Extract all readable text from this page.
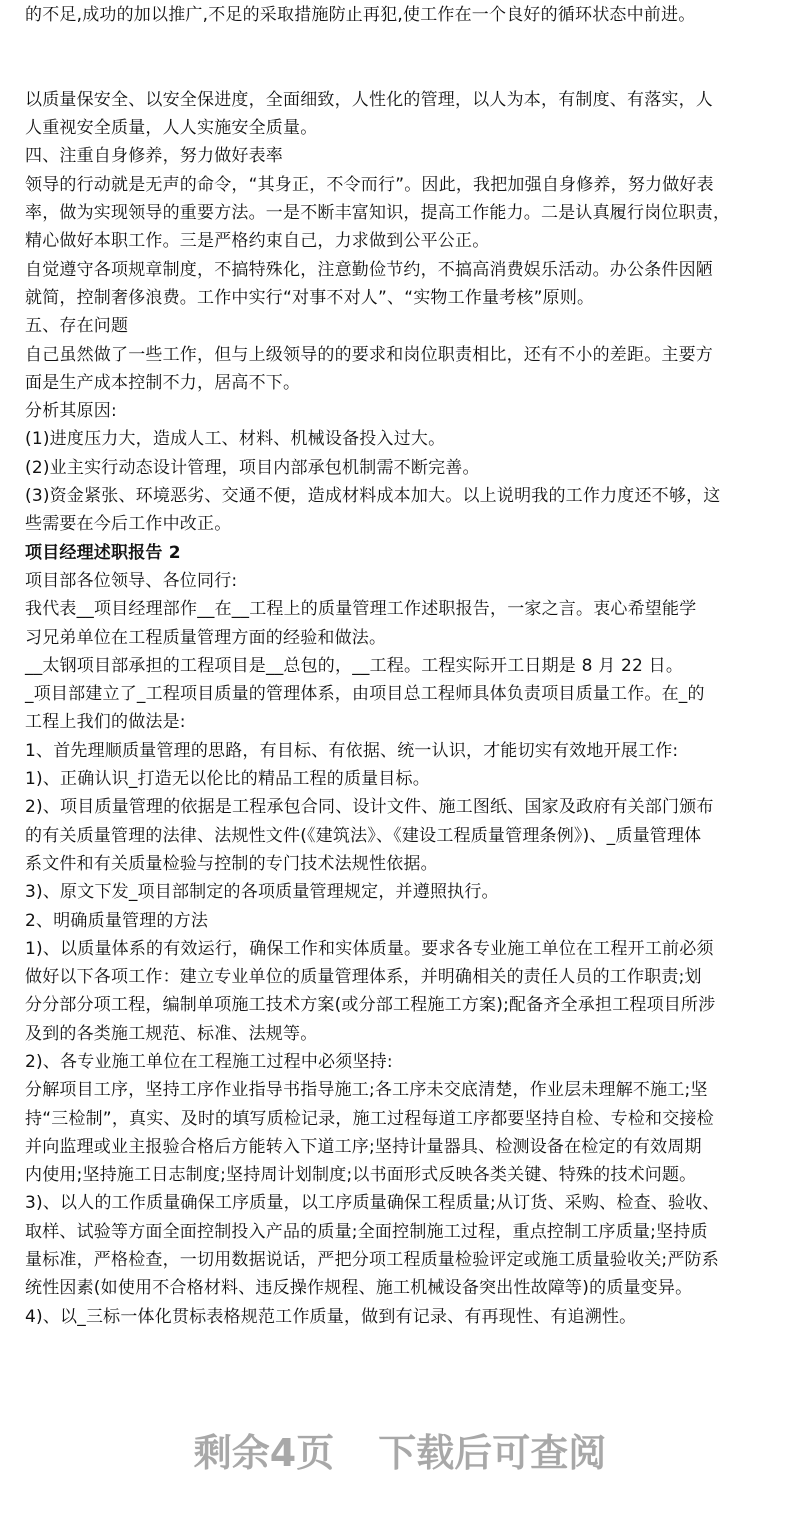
的不足,成功的加以推广,不足的采取措施防止再犯,使工作在一个良好的循环状态中前进。
以质量保安全、以安全保进度，全面细致，人性化的管理，以人为本，有制度、有落实，人
人重视安全质量，人人实施安全质量。
四、注重自身修养，努力做好表率
领导的行动就是无声的命令，“其身正，不令而行”。因此，我把加强自身修养，努力做好表
率，做为实现领导的重要方法。一是不断丰富知识，提高工作能力。二是认真履行岗位职责，
精心做好本职工作。三是严格约束自己，力求做到公平公正。
自觉遵守各项规章制度，不搞特殊化，注意勤俭节约，不搞高消费娱乐活动。办公条件因陋
就简，控制奢侈浪费。工作中实行“对事不对人”、“实物工作量考核”原则。
五、存在问题
自己虽然做了一些工作，但与上级领导的的要求和岗位职责相比，还有不小的差距。主要方
面是生产成本控制不力，居高不下。
分析其原因:
(1)进度压力大，造成人工、材料、机械设备投入过大。
(2)业主实行动态设计管理，项目内部承包机制需不断完善。
(3)资金紧张、环境恶劣、交通不便，造成材料成本加大。以上说明我的工作力度还不够，这
些需要在今后工作中改正。
项目经理述职报告 2
项目部各位领导、各位同行:
我代表__项目经理部作__在__工程上的质量管理工作述职报告，一家之言。衷心希望能学
习兄弟单位在工程质量管理方面的经验和做法。
__太钢项目部承担的工程项目是__总包的，__工程。工程实际开工日期是 8 月 22 日。
_项目部建立了_工程项目质量的管理体系，由项目总工程师具体负责项目质量工作。在_的
工程上我们的做法是:
1、首先理顺质量管理的思路，有目标、有依据、统一认识，才能切实有效地开展工作:
1)、正确认识_打造无以伦比的精品工程的质量目标。
2)、项目质量管理的依据是工程承包合同、设计文件、施工图纸、国家及政府有关部门颁布
的有关质量管理的法律、法规性文件(《建筑法》、《建设工程质量管理条例》)、_质量管理体
系文件和有关质量检验与控制的专门技术法规性依据。
3)、原文下发_项目部制定的各项质量管理规定，并遵照执行。
2、明确质量管理的方法
1)、以质量体系的有效运行，确保工作和实体质量。要求各专业施工单位在工程开工前必须
做好以下各项工作：建立专业单位的质量管理体系，并明确相关的责任人员的工作职责;划
分分部分项工程，编制单项施工技术方案(或分部工程施工方案);配备齐全承担工程项目所涉
及到的各类施工规范、标准、法规等。
2)、各专业施工单位在工程施工过程中必须坚持:
分解项目工序，坚持工序作业指导书指导施工;各工序未交底清楚，作业层未理解不施工;坚
持“三检制”，真实、及时的填写质检记录，施工过程每道工序都要坚持自检、专检和交接检
并向监理或业主报验合格后方能转入下道工序;坚持计量器具、检测设备在检定的有效周期
内使用;坚持施工日志制度;坚持周计划制度;以书面形式反映各类关键、特殊的技术问题。
3)、以人的工作质量确保工序质量，以工序质量确保工程质量;从订货、采购、检查、验收、
取样、试验等方面全面控制投入产品的质量;全面控制施工过程，重点控制工序质量;坚持质
量标准，严格检查，一切用数据说话，严把分项工程质量检验评定或施工质量验收关;严防系
统性因素(如使用不合格材料、违反操作规程、施工机械设备突出性故障等)的质量变异。
4)、以_三标一体化贯标表格规范工作质量，做到有记录、有再现性、有追溯性。
剩余4页 下载后可查阅
